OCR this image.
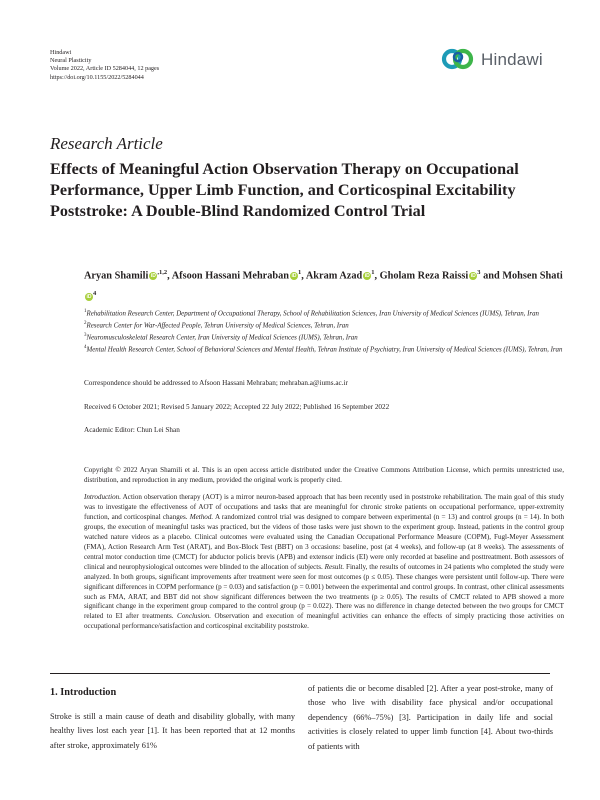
Hindawi
Neural Plasticity
Volume 2022, Article ID 5284044, 12 pages
https://doi.org/10.1155/2022/5284044
Hindawi
Research Article
Effects of Meaningful Action Observation Therapy on Occupational Performance, Upper Limb Function, and Corticospinal Excitability Poststroke: A Double-Blind Randomized Control Trial
Aryan Shamili $iD^{,1,2}$, Afsoon Hassani Mehraban $iD^1$, Akram Azad $iD^1$, Gholam Reza Raissi $iD^3$ and Mohsen ShatiiD$^4$
$^1$Rehabilitation Research Center, Department of Occupational Therapy, School of Rehabilitation Sciences, Iran University of Medical Sciences (IUMS), Tehran, Iran
$^2$Research Center for War-Affected People, Tehran University of Medical Sciences, Tehran, Iran
$^3$Neuromusculoskeletal Research Center, Iran University of Medical Sciences (IUMS), Tehran, Iran
$^4$Mental Health Research Center, School of Behavioral Sciences and Mental Health, Tehran Institute of Psychiatry, Iran University of Medical Sciences (IUMS), Tehran, Iran
Correspondence should be addressed to Afsoon Hassani Mehraban; mehraban.a@iums.ac.ir
Received 6 October 2021; Revised 5 January 2022; Accepted 22 July 2022; Published 16 September 2022
Academic Editor: Chun Lei Shan
Copyright © 2022 Aryan Shamili et al. This is an open access article distributed under the Creative Commons Attribution License, which permits unrestricted use, distribution, and reproduction in any medium, provided the original work is properly cited.
Introduction. Action observation therapy (AOT) is a mirror neuron-based approach that has been recently used in poststroke rehabilitation. The main goal of this study was to investigate the effectiveness of AOT of occupations and tasks that are meaningful for chronic stroke patients on occupational performance, upper-extremity function, and corticospinal changes. Method. A randomized control trial was designed to compare between experimental (n = 13) and control groups (n = 14). In both groups, the execution of meaningful tasks was practiced, but the videos of those tasks were just shown to the experiment group. Instead, patients in the control group watched nature videos as a placebo. Clinical outcomes were evaluated using the Canadian Occupational Performance Measure (COPM), Fugl-Meyer Assessment (FMA), Action Research Arm Test (ARAT), and Box-Block Test (BBT) on 3 occasions: baseline, post (at 4 weeks), and follow-up (at 8 weeks). The assessments of central motor conduction time (CMCT) for abductor policis brevis (APB) and extensor indicis (EI) were only recorded at baseline and posttreatment. Both assessors of clinical and neurophysiological outcomes were blinded to the allocation of subjects. Result. Finally, the results of outcomes in 24 patients who completed the study were analyzed. In both groups, significant improvements after treatment were seen for most outcomes (p ≤ 0.05). These changes were persistent until follow-up. There were significant differences in COPM performance (p = 0.03) and satisfaction (p = 0.001) between the experimental and control groups. In contrast, other clinical assessments such as FMA, ARAT, and BBT did not show significant differences between the two treatments (p ≥ 0.05). The results of CMCT related to APB showed a more significant change in the experiment group compared to the control group (p = 0.022). There was no difference in change detected between the two groups for CMCT related to EI after treatments. Conclusion. Observation and execution of meaningful activities can enhance the effects of simply practicing those activities on occupational performance/satisfaction and corticospinal excitability poststroke.
1. Introduction
Stroke is still a main cause of death and disability globally, with many healthy lives lost each year [1]. It has been reported that at 12 months after stroke, approximately 61%
of patients die or become disabled [2]. After a year post-stroke, many of those who live with disability face physical and/or occupational dependency (66%–75%) [3]. Participation in daily life and social activities is closely related to upper limb function [4]. About two-thirds of patients with
